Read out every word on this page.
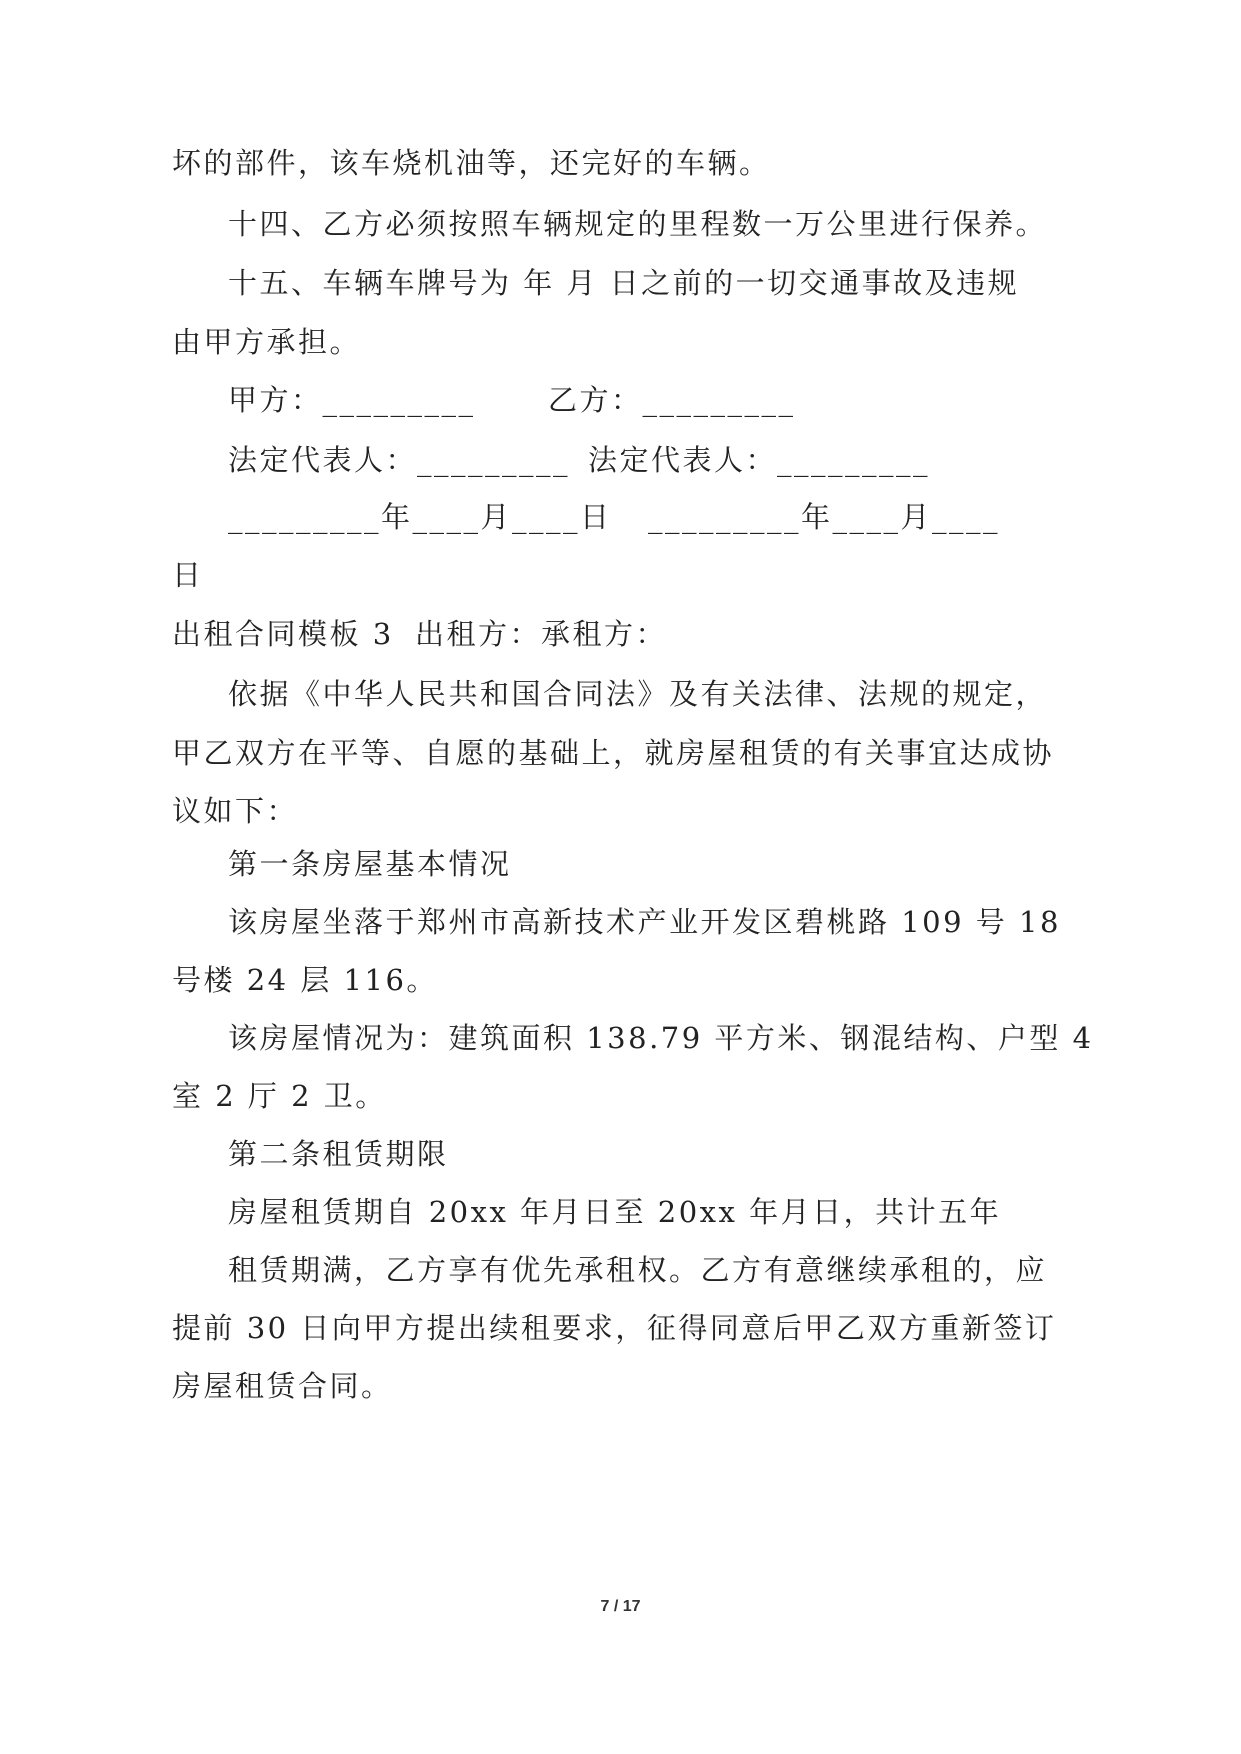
坏的部件，该车烧机油等，还完好的车辆。
十四、乙方必须按照车辆规定的里程数一万公里进行保养。
十五、车辆车牌号为 年 月 日之前的一切交通事故及违规
由甲方承担。
甲方：_________ 乙方：_________
法定代表人：_________ 法定代表人：_________
_________年____月____日 _________年____月____
日
出租合同模板 3 出租方：承租方：
依据《中华人民共和国合同法》及有关法律、法规的规定，
甲乙双方在平等、自愿的基础上，就房屋租赁的有关事宜达成协
议如下：
第一条房屋基本情况
该房屋坐落于郑州市高新技术产业开发区碧桃路 109 号 18
号楼 24 层 116。
该房屋情况为：建筑面积 138.79 平方米、钢混结构、户型 4
室 2 厅 2 卫。
第二条租赁期限
房屋租赁期自 20xx 年月日至 20xx 年月日，共计五年
租赁期满，乙方享有优先承租权。乙方有意继续承租的，应
提前 30 日向甲方提出续租要求，征得同意后甲乙双方重新签订
房屋租赁合同。
7 / 17
